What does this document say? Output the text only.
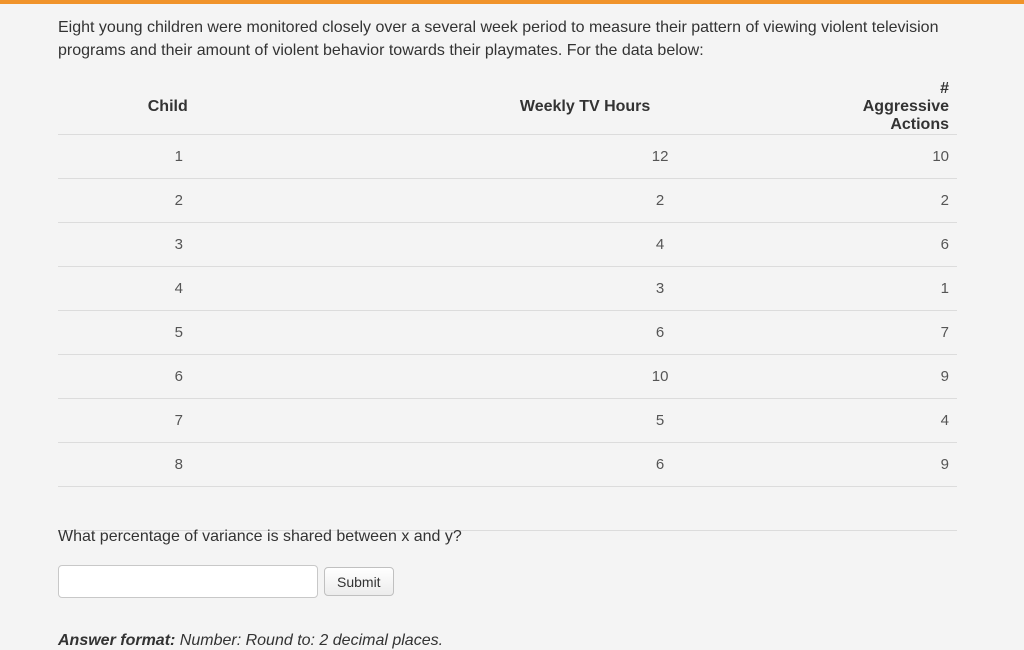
Eight young children were monitored closely over a several week period to measure their pattern of viewing violent television programs and their amount of violent behavior towards their playmates. For the data below:

Child	Weekly TV Hours	# Aggressive Actions
1	12	10
2	2	2
3	4	6
4	3	1
5	6	7
6	10	9
7	5	4
8	6	9

What percentage of variance is shared between x and y?

Submit

Answer format: Number: Round to: 2 decimal places.
